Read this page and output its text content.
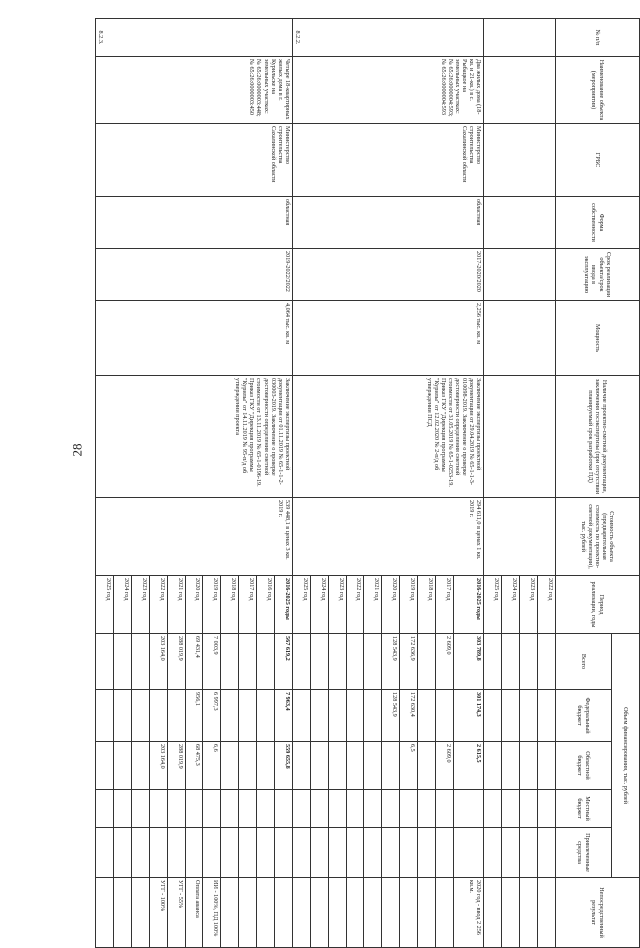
28
№ п/п	Наименование объекта (мероприятия)	ГРБС	Форма собственности	Срок реализации объекта/срок ввода в эксплуатацию	Мощность	Наличие проектно-сметной документации, заключения госэкспертизы (при отсутствии планируемый срок разработки ПД)	Стоимость объекта (предварительная стоимость по проектно-сметной документации), тыс. рублей	Период реализации, годы	Объем финансирования, тыс. рублей					Непосредственный результат
									Всего	Федеральный бюджет	Областной бюджет	Местный бюджет	Привлеченные средства	
								2022 год						
								2023 год						
								2024 год						
								2025 год						
8.2.2.	Два жилых дома (18-кв. и 21-кв.) в с. Рыбацкое на земельных участках: № 65:26:0000004:593; № 65:26:0000004:593	Министерство строительства Сахалинской области	областная	2017-2020/2020	2,256 тыс. кв. м	Заключение экспертизы проектной документации от 29.04.2019 № 65-1-1-3-010098-2019. Заключение о проверке достоверности определения сметной стоимости от 31.05.2019 № 65-1-0253-19. Приказ ГКУ "Дирекция программы "Курилы" от 12.02.2020 № 2-п/д об утверждении ПСД	294 611,0 в ценах 1 кв. 2019 г.	2016-2025 годы	303 789,8	301 174,3	2 615,5			2020 год - ввод 2 256 кв.м.
								2017 год	2 609,0		2 609,0			
								2018 год						
								2019 год	172 636,9	172 630,4	6,5			
								2020 год	128 543,9	128 543,9				
								2021 год						
								2022 год						
								2023 год						
								2024 год						
								2025 год						
8.2.3.	Четыре 18-квартирных жилых дома в г. Курильске на земельных участках: № 65:26:0000003:448; № 65:26:0000003:450	Министерство строительства Сахалинской области	областная	2019-2022/2022	4,064 тыс. кв. м	Заключение экспертизы проектной документации от 01.11.2019 № 65-1-1-2-030003-2019. Заключение о проверке достоверности определения сметной стоимости от 13.11.2019 № 65-1-0196-19. Приказ ГКУ "Дирекция программы "Курилы" от 14.11.2019 № 95-п/д об утверждении проекта	539 448,1 в ценах 3 кв. 2019 г.	2016-2025 годы	567 619,2	7 963,4	559 655,8			
								2016 год						
								2017 год						
								2018 год						
								2019 год	7 003,9	6 997,3	6,6			ИИ - 100%, ПД 100%
								2020 год	69 431,4	956,1	68 475,3			Оплата аванса
								2021 год	288 019,9		288 019,9			УГГ - 55%
								2022 год	203 164,0		203 164,0			УГГ - 100%
								2023 год						
								2024 год						
								2025 год						
